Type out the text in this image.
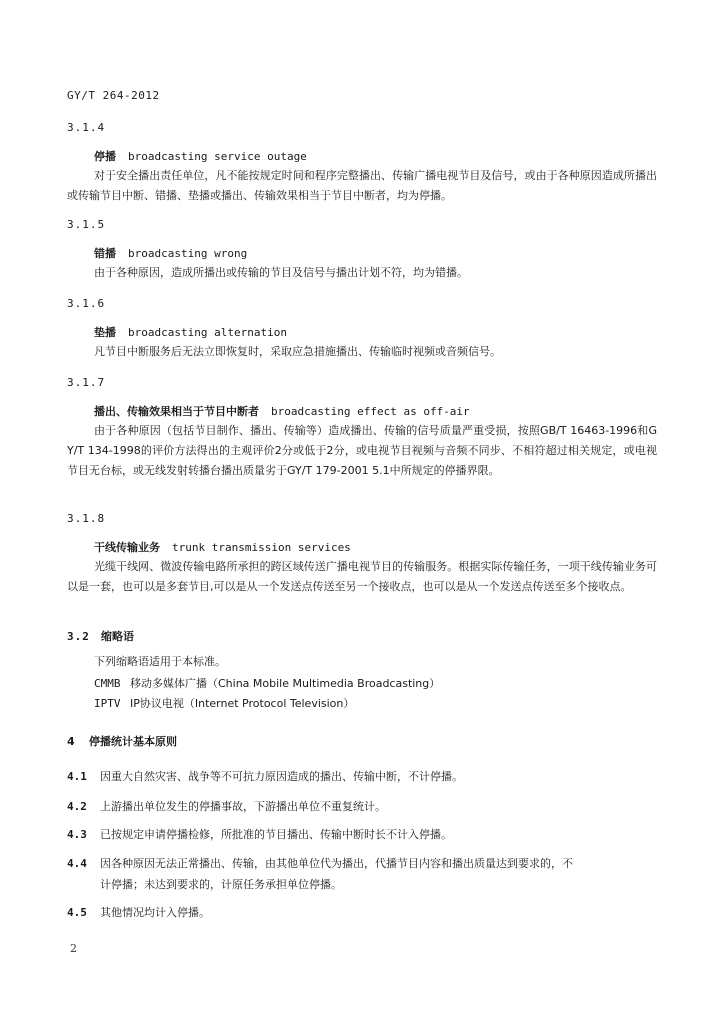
GY/T 264-2012
3.1.4
停播 broadcasting service outage
对于安全播出责任单位，凡不能按规定时间和程序完整播出、传输广播电视节目及信号，或由于各种原因造成所播出或传输节目中断、错播、垫播或播出、传输效果相当于节目中断者，均为停播。
3.1.5
错播 broadcasting wrong
由于各种原因，造成所播出或传输的节目及信号与播出计划不符，均为错播。
3.1.6
垫播 broadcasting alternation
凡节目中断服务后无法立即恢复时，采取应急措施播出、传输临时视频或音频信号。
3.1.7
播出、传输效果相当于节目中断者 broadcasting effect as off-air
由于各种原因（包括节目制作、播出、传输等）造成播出、传输的信号质量严重受损，按照GB/T 16463-1996和GY/T 134-1998的评价方法得出的主观评价2分或低于2分，或电视节目视频与音频不同步、不相符超过相关规定，或电视节目无台标，或无线发射转播台播出质量劣于GY/T 179-2001 5.1中所规定的停播界限。
3.1.8
干线传输业务 trunk transmission services
光缆干线网、微波传输电路所承担的跨区域传送广播电视节目的传输服务。根据实际传输任务，一项干线传输业务可以是一套，也可以是多套节目,可以是从一个发送点传送至另一个接收点，也可以是从一个发送点传送至多个接收点。
3.2 缩略语
下列缩略语适用于本标准。
CMMB 移动多媒体广播（China Mobile Multimedia Broadcasting）
IPTV IP协议电视（Internet Protocol Television）
4 停播统计基本原则
4.1 因重大自然灾害、战争等不可抗力原因造成的播出、传输中断，不计停播。
4.2 上游播出单位发生的停播事故，下游播出单位不重复统计。
4.3 已按规定申请停播检修，所批准的节目播出、传输中断时长不计入停播。
4.4 因各种原因无法正常播出、传输，由其他单位代为播出，代播节目内容和播出质量达到要求的，不
计停播；未达到要求的，计原任务承担单位停播。
4.5 其他情况均计入停播。
2
